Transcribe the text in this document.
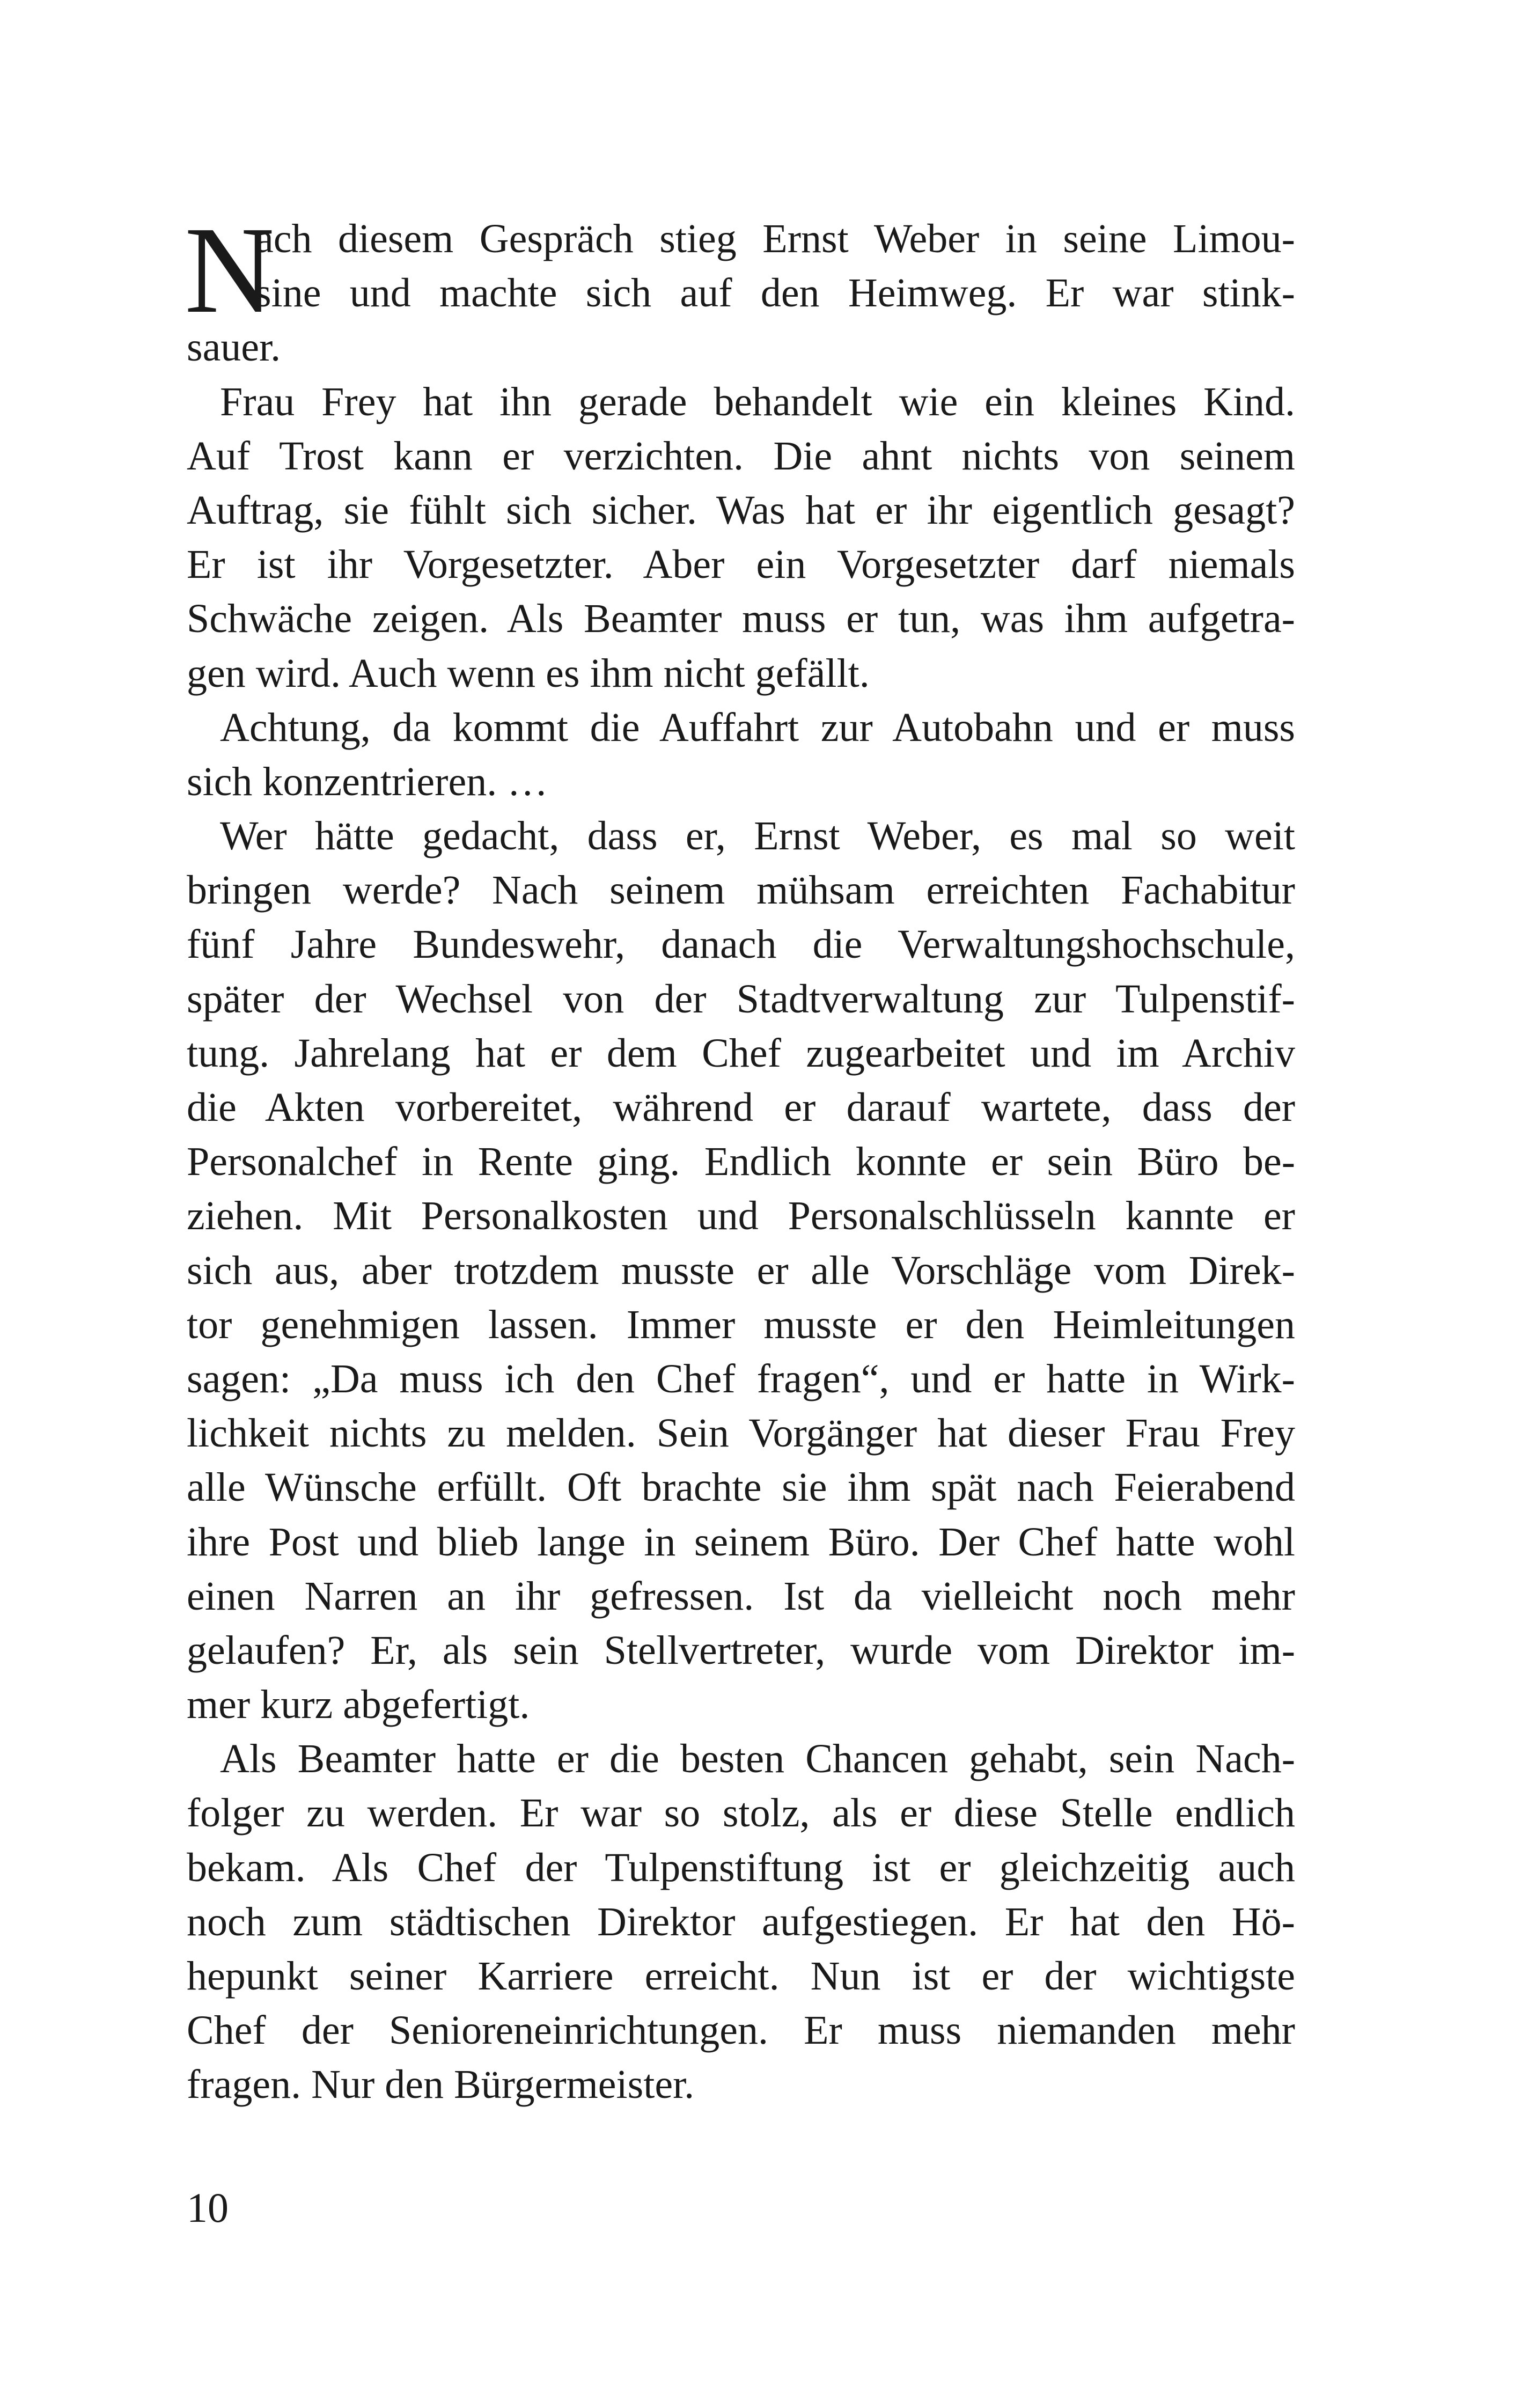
N
ach diesem Gespräch stieg Ernst Weber in seine Limou-
sine und machte sich auf den Heimweg. Er war stink-
sauer.
Frau Frey hat ihn gerade behandelt wie ein kleines Kind.
Auf Trost kann er verzichten. Die ahnt nichts von seinem
Auftrag, sie fühlt sich sicher. Was hat er ihr eigentlich gesagt?
Er ist ihr Vorgesetzter. Aber ein Vorgesetzter darf niemals
Schwäche zeigen. Als Beamter muss er tun, was ihm aufgetra-
gen wird. Auch wenn es ihm nicht gefällt.
Achtung, da kommt die Auffahrt zur Autobahn und er muss
sich konzentrieren. …
Wer hätte gedacht, dass er, Ernst Weber, es mal so weit
bringen werde? Nach seinem mühsam erreichten Fachabitur
fünf Jahre Bundeswehr, danach die Verwaltungshochschule,
später der Wechsel von der Stadtverwaltung zur Tulpenstif-
tung. Jahrelang hat er dem Chef zugearbeitet und im Archiv
die Akten vorbereitet, während er darauf wartete, dass der
Personalchef in Rente ging. Endlich konnte er sein Büro be-
ziehen. Mit Personalkosten und Personalschlüsseln kannte er
sich aus, aber trotzdem musste er alle Vorschläge vom Direk-
tor genehmigen lassen. Immer musste er den Heimleitungen
sagen: „Da muss ich den Chef fragen“, und er hatte in Wirk-
lichkeit nichts zu melden. Sein Vorgänger hat dieser Frau Frey
alle Wünsche erfüllt. Oft brachte sie ihm spät nach Feierabend
ihre Post und blieb lange in seinem Büro. Der Chef hatte wohl
einen Narren an ihr gefressen. Ist da vielleicht noch mehr
gelaufen? Er, als sein Stellvertreter, wurde vom Direktor im-
mer kurz abgefertigt.
Als Beamter hatte er die besten Chancen gehabt, sein Nach-
folger zu werden. Er war so stolz, als er diese Stelle endlich
bekam. Als Chef der Tulpenstiftung ist er gleichzeitig auch
noch zum städtischen Direktor aufgestiegen. Er hat den Hö-
hepunkt seiner Karriere erreicht. Nun ist er der wichtigste
Chef der Senioreneinrichtungen. Er muss niemanden mehr
fragen. Nur den Bürgermeister.
10
